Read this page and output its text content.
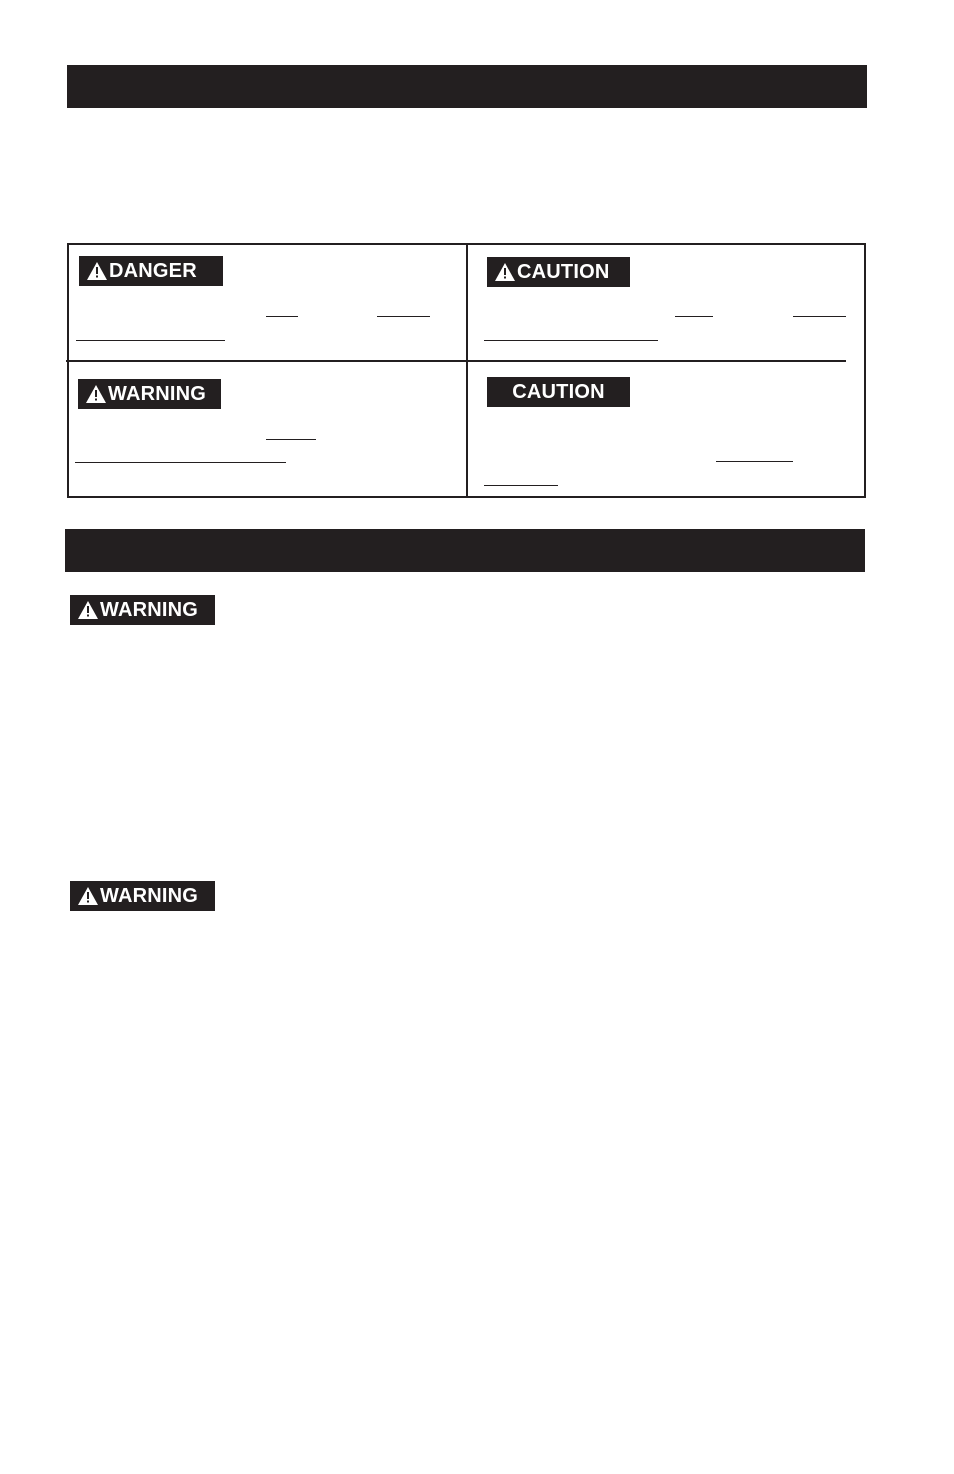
DANGER	CAUTION
WARNING	CAUTION
WARNING
WARNING
